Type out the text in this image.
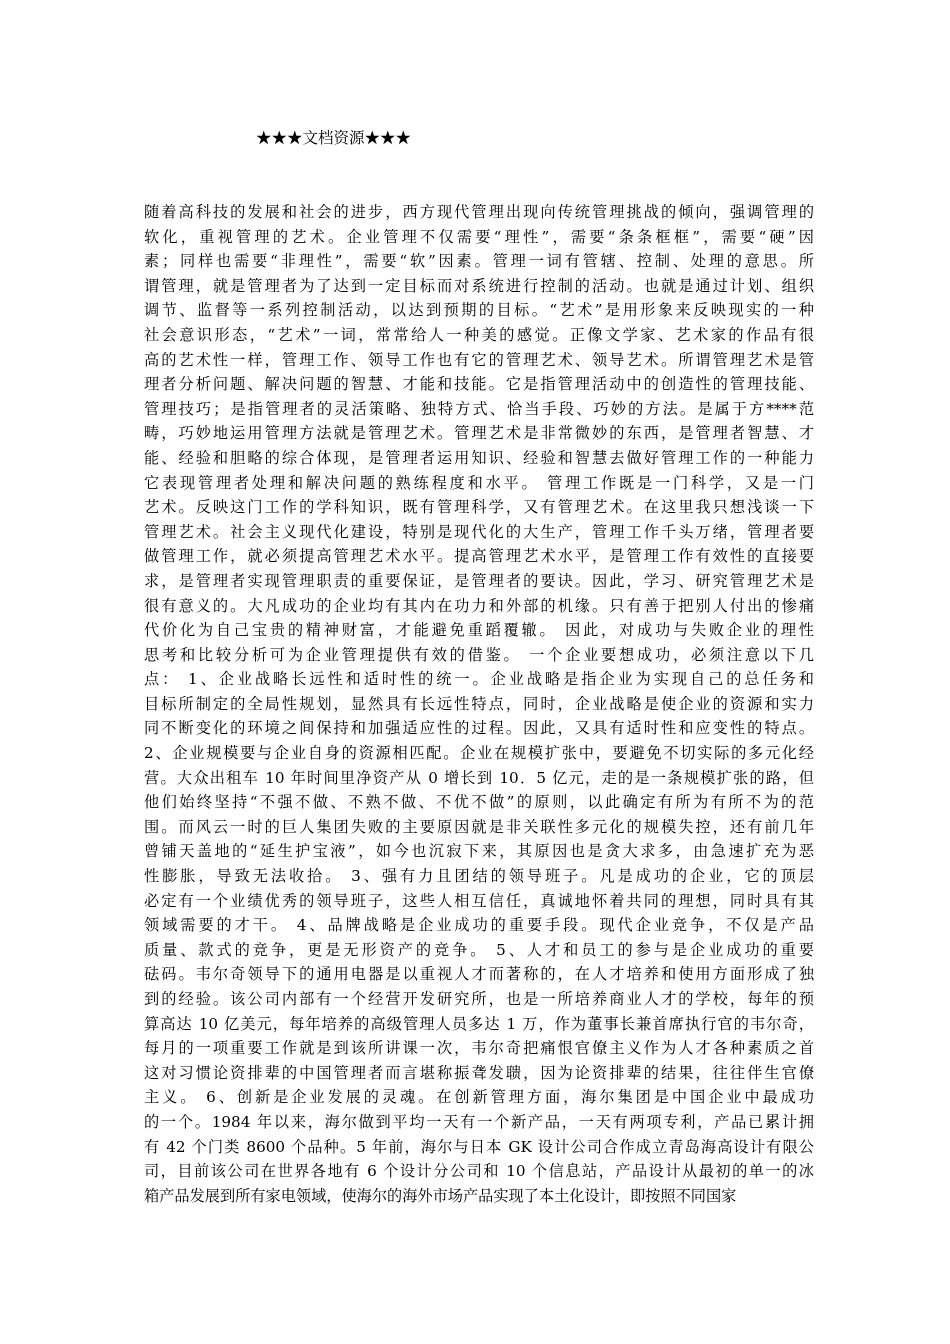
★★★文档资源★★★
随着高科技的发展和社会的进步，西方现代管理出现向传统管理挑战的倾向，强调管理的
软化，重视管理的艺术。企业管理不仅需要“理性”，需要“条条框框”，需要“硬”因
素；同样也需要“非理性”，需要“软”因素。管理一词有管辖、控制、处理的意思。所
谓管理，就是管理者为了达到一定目标而对系统进行控制的活动。也就是通过计划、组织
调节、监督等一系列控制活动，以达到预期的目标。“艺术”是用形象来反映现实的一种
社会意识形态，“艺术”一词，常常给人一种美的感觉。正像文学家、艺术家的作品有很
高的艺术性一样，管理工作、领导工作也有它的管理艺术、领导艺术。所谓管理艺术是管
理者分析问题、解决问题的智慧、才能和技能。它是指管理活动中的创造性的管理技能、
管理技巧；是指管理者的灵活策略、独特方式、恰当手段、巧妙的方法。是属于方****范
畴，巧妙地运用管理方法就是管理艺术。管理艺术是非常微妙的东西，是管理者智慧、才
能、经验和胆略的综合体现，是管理者运用知识、经验和智慧去做好管理工作的一种能力
它表现管理者处理和解决问题的熟练程度和水平。 管理工作既是一门科学，又是一门
艺术。反映这门工作的学科知识，既有管理科学，又有管理艺术。在这里我只想浅谈一下
管理艺术。社会主义现代化建设，特别是现代化的大生产，管理工作千头万绪，管理者要
做管理工作，就必须提高管理艺术水平。提高管理艺术水平，是管理工作有效性的直接要
求，是管理者实现管理职责的重要保证，是管理者的要诀。因此，学习、研究管理艺术是
很有意义的。大凡成功的企业均有其内在功力和外部的机缘。只有善于把别人付出的惨痛
代价化为自己宝贵的精神财富，才能避免重蹈覆辙。 因此，对成功与失败企业的理性
思考和比较分析可为企业管理提供有效的借鉴。 一个企业要想成功，必须注意以下几
点： 1、企业战略长远性和适时性的统一。企业战略是指企业为实现自己的总任务和
目标所制定的全局性规划，显然具有长远性特点，同时，企业战略是使企业的资源和实力
同不断变化的环境之间保持和加强适应性的过程。因此，又具有适时性和应变性的特点。
2、企业规模要与企业自身的资源相匹配。企业在规模扩张中，要避免不切实际的多元化经
营。大众出租车 10 年时间里净资产从 0 增长到 10．5 亿元，走的是一条规模扩张的路，但
他们始终坚持“不强不做、不熟不做、不优不做”的原则，以此确定有所为有所不为的范
围。而风云一时的巨人集团失败的主要原因就是非关联性多元化的规模失控，还有前几年
曾铺天盖地的“延生护宝液”，如今也沉寂下来，其原因也是贪大求多，由急速扩充为恶
性膨胀，导致无法收拾。 3、强有力且团结的领导班子。凡是成功的企业，它的顶层
必定有一个业绩优秀的领导班子，这些人相互信任，真诚地怀着共同的理想，同时具有其
领域需要的才干。 4、品牌战略是企业成功的重要手段。现代企业竞争，不仅是产品
质量、款式的竞争，更是无形资产的竞争。 5、人才和员工的参与是企业成功的重要
砝码。韦尔奇领导下的通用电器是以重视人才而著称的，在人才培养和使用方面形成了独
到的经验。该公司内部有一个经营开发研究所，也是一所培养商业人才的学校，每年的预
算高达 10 亿美元，每年培养的高级管理人员多达 1 万，作为董事长兼首席执行官的韦尔奇，
每月的一项重要工作就是到该所讲课一次，韦尔奇把痛恨官僚主义作为人才各种素质之首
这对习惯论资排辈的中国管理者而言堪称振聋发聩，因为论资排辈的结果，往往伴生官僚
主义。 6、创新是企业发展的灵魂。在创新管理方面，海尔集团是中国企业中最成功
的一个。1984 年以来，海尔做到平均一天有一个新产品，一天有两项专利，产品已累计拥
有 42 个门类 8600 个品种。5 年前，海尔与日本 GK 设计公司合作成立青岛海高设计有限公
司，目前该公司在世界各地有 6 个设计分公司和 10 个信息站，产品设计从最初的单一的冰
箱产品发展到所有家电领域，使海尔的海外市场产品实现了本土化设计，即按照不同国家
